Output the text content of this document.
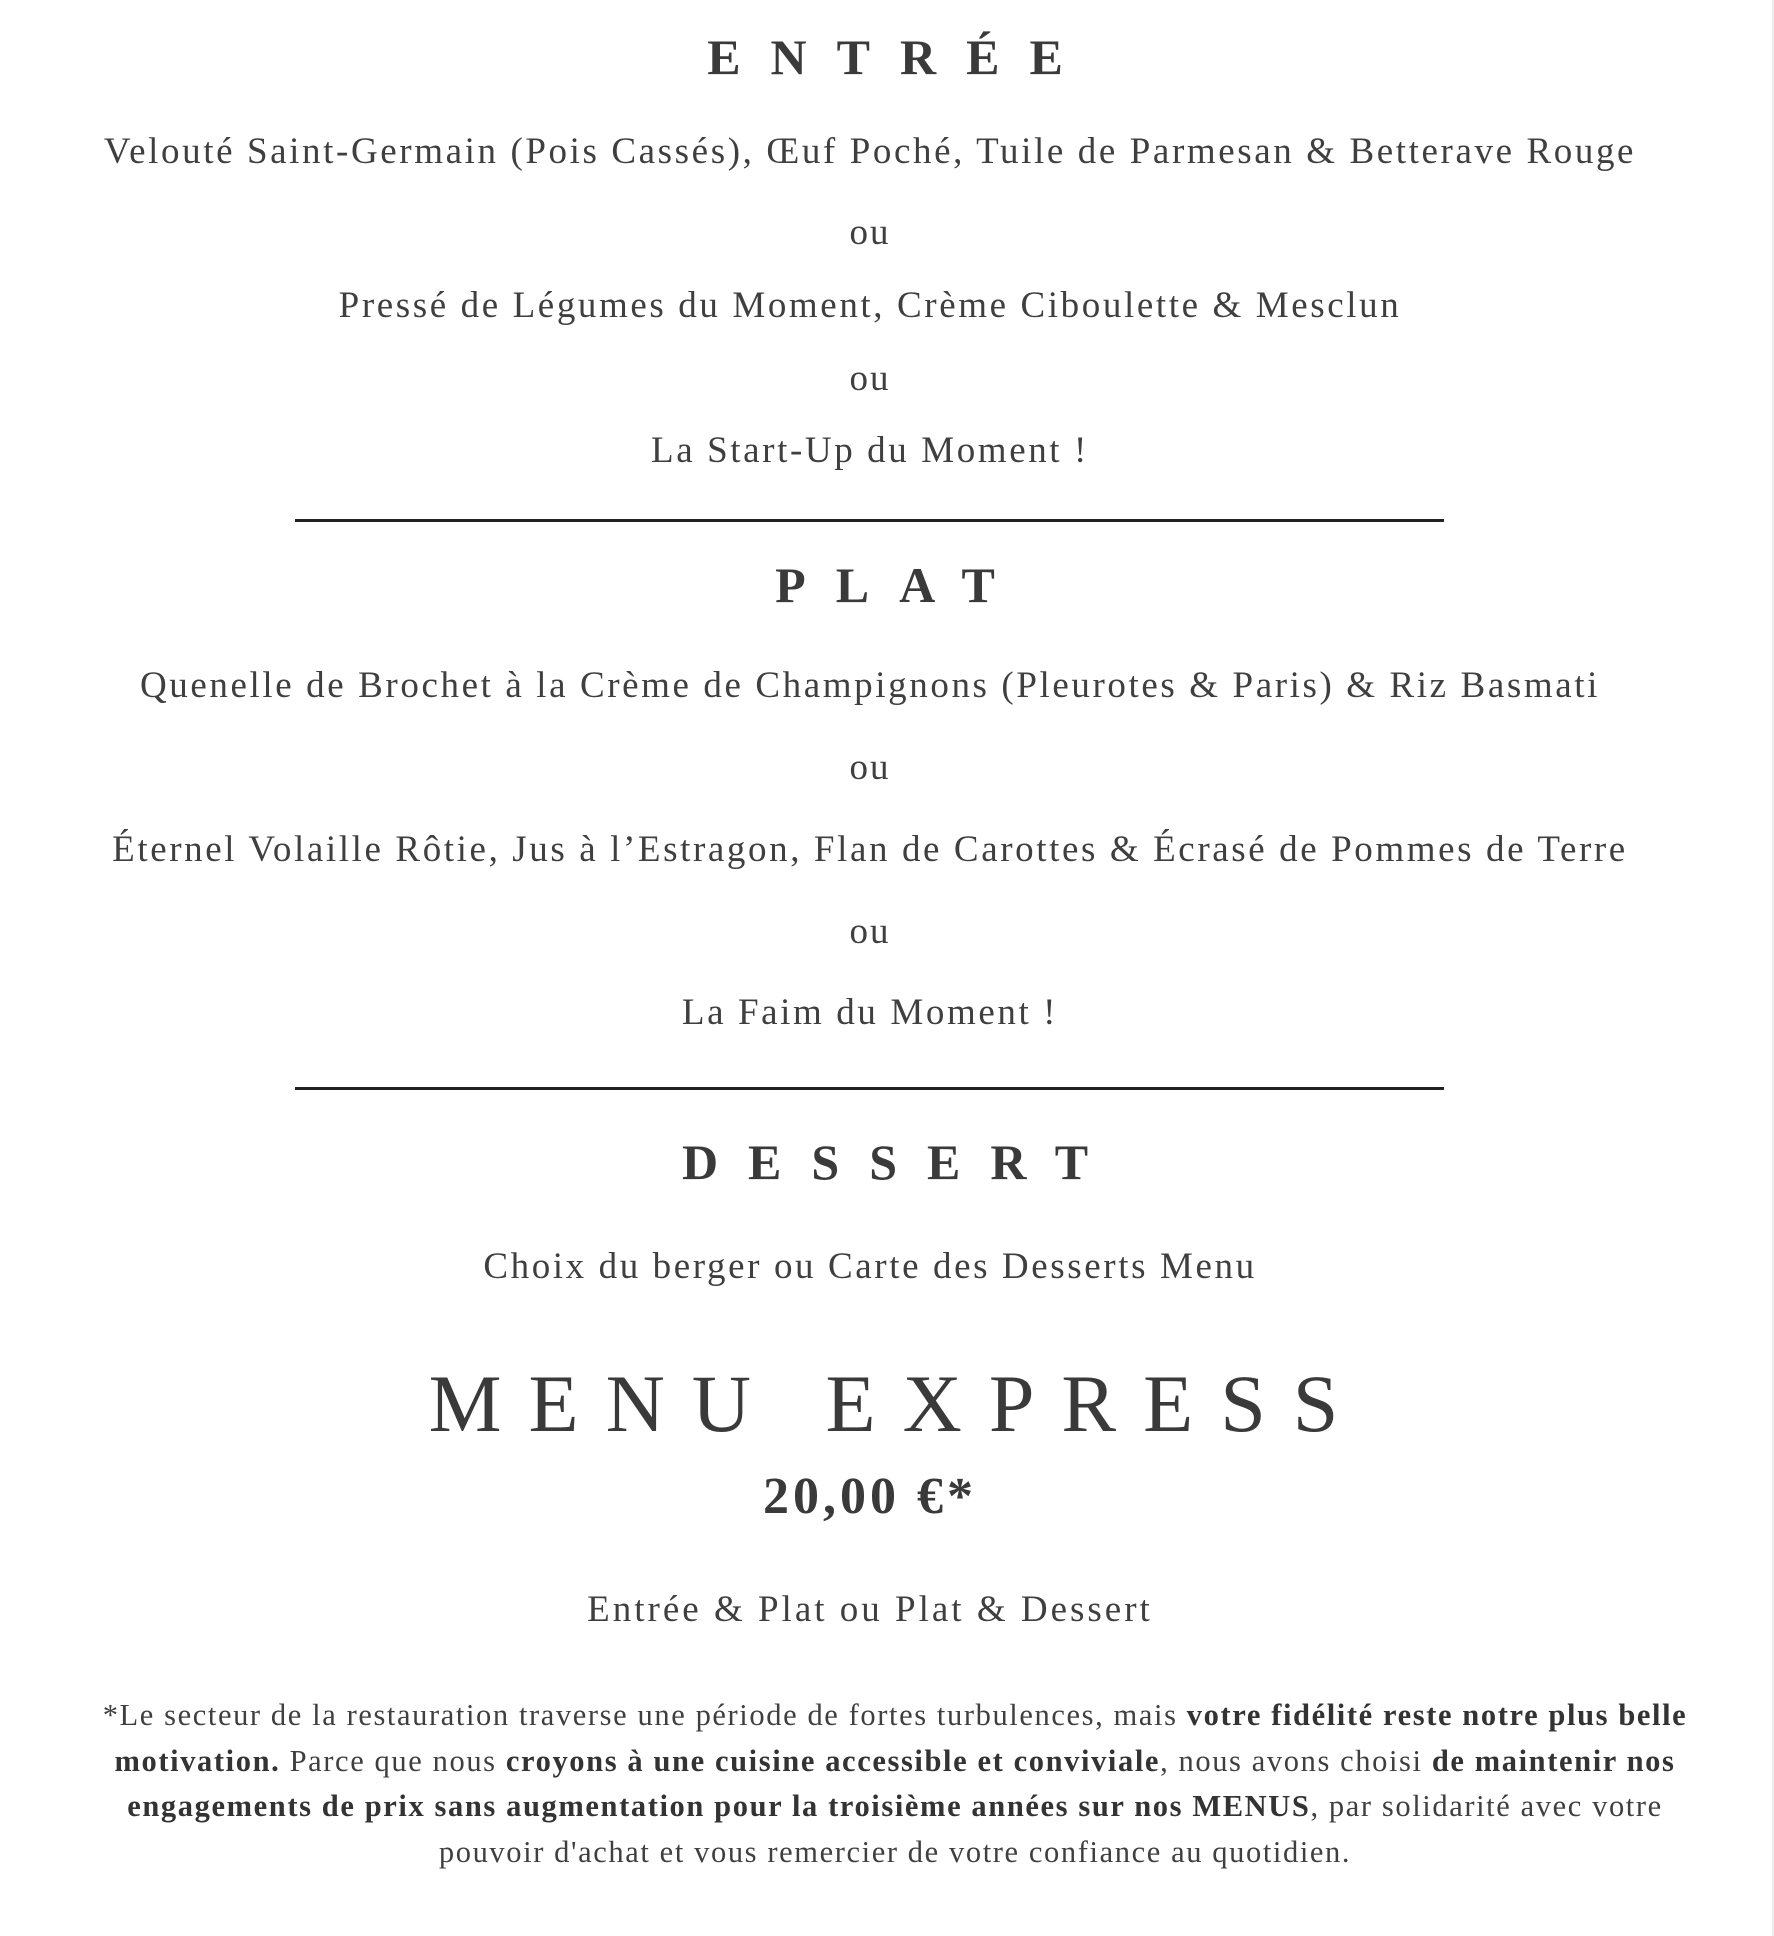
ENTRÉE
Velouté Saint-Germain (Pois Cassés), Œuf Poché, Tuile de Parmesan & Betterave Rouge
ou
Pressé de Légumes du Moment, Crème Ciboulette & Mesclun
ou
La Start-Up du Moment !
PLAT
Quenelle de Brochet à la Crème de Champignons (Pleurotes & Paris) & Riz Basmati
ou
Éternel Volaille Rôtie, Jus à l’Estragon, Flan de Carottes & Écrasé de Pommes de Terre
ou
La Faim du Moment !
DESSERT
Choix du berger ou Carte des Desserts Menu
MENU EXPRESS
20,00 €*
Entrée & Plat ou Plat & Dessert
*Le secteur de la restauration traverse une période de fortes turbulences, mais votre fidélité reste notre plus belle motivation. Parce que nous croyons à une cuisine accessible et conviviale, nous avons choisi de maintenir nos engagements de prix sans augmentation pour la troisième années sur nos MENUS, par solidarité avec votre pouvoir d'achat et vous remercier de votre confiance au quotidien.
